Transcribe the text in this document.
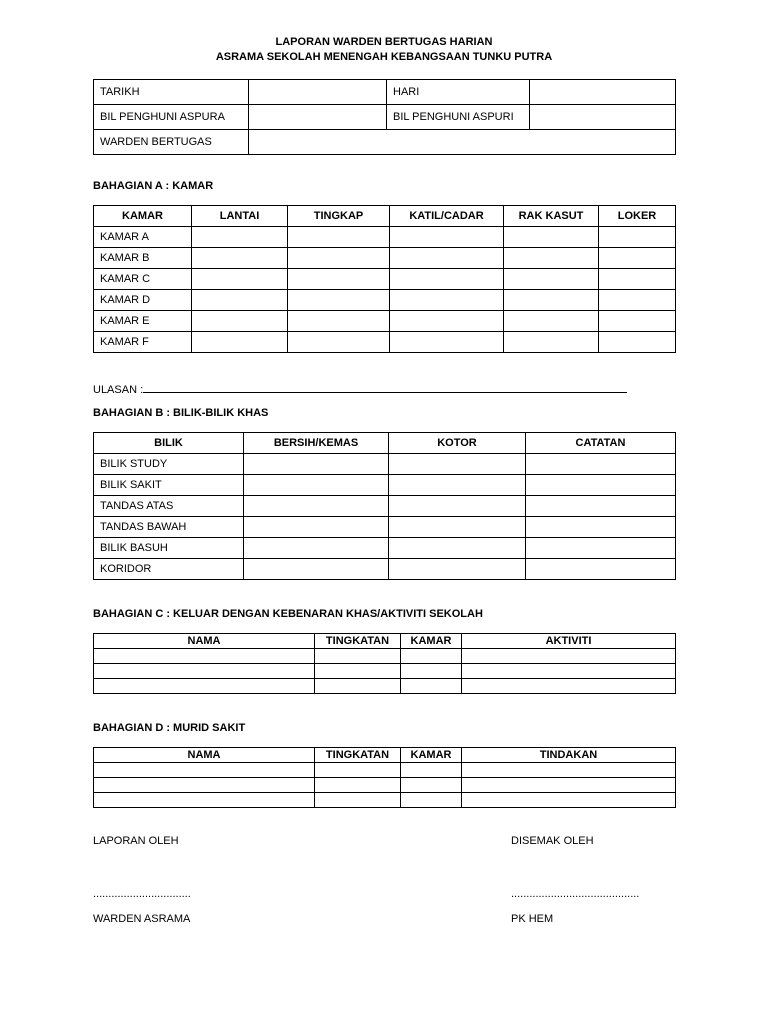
LAPORAN WARDEN BERTUGAS HARIAN
ASRAMA SEKOLAH MENENGAH KEBANGSAAN TUNKU PUTRA
TARIKH		HARI	
BIL PENGHUNI ASPURA		BIL PENGHUNI ASPURI	
WARDEN BERTUGAS			
BAHAGIAN A : KAMAR
KAMAR	LANTAI	TINGKAP	KATIL/CADAR	RAK KASUT	LOKER
KAMAR A					
KAMAR B					
KAMAR C					
KAMAR D					
KAMAR E					
KAMAR F					
ULASAN :
BAHAGIAN B : BILIK-BILIK KHAS
BILIK	BERSIH/KEMAS	KOTOR	CATATAN
BILIK STUDY			
BILIK SAKIT			
TANDAS ATAS			
TANDAS BAWAH			
BILIK BASUH			
KORIDOR			
BAHAGIAN C : KELUAR DENGAN KEBENARAN KHAS/AKTIVITI SEKOLAH
NAMA	TINGKATAN	KAMAR	AKTIVITI

BAHAGIAN D : MURID SAKIT
NAMA	TINGKATAN	KAMAR	TINDAKAN

LAPORAN OLEH
................................
WARDEN ASRAMA
DISEMAK OLEH
..........................................
PK HEM
